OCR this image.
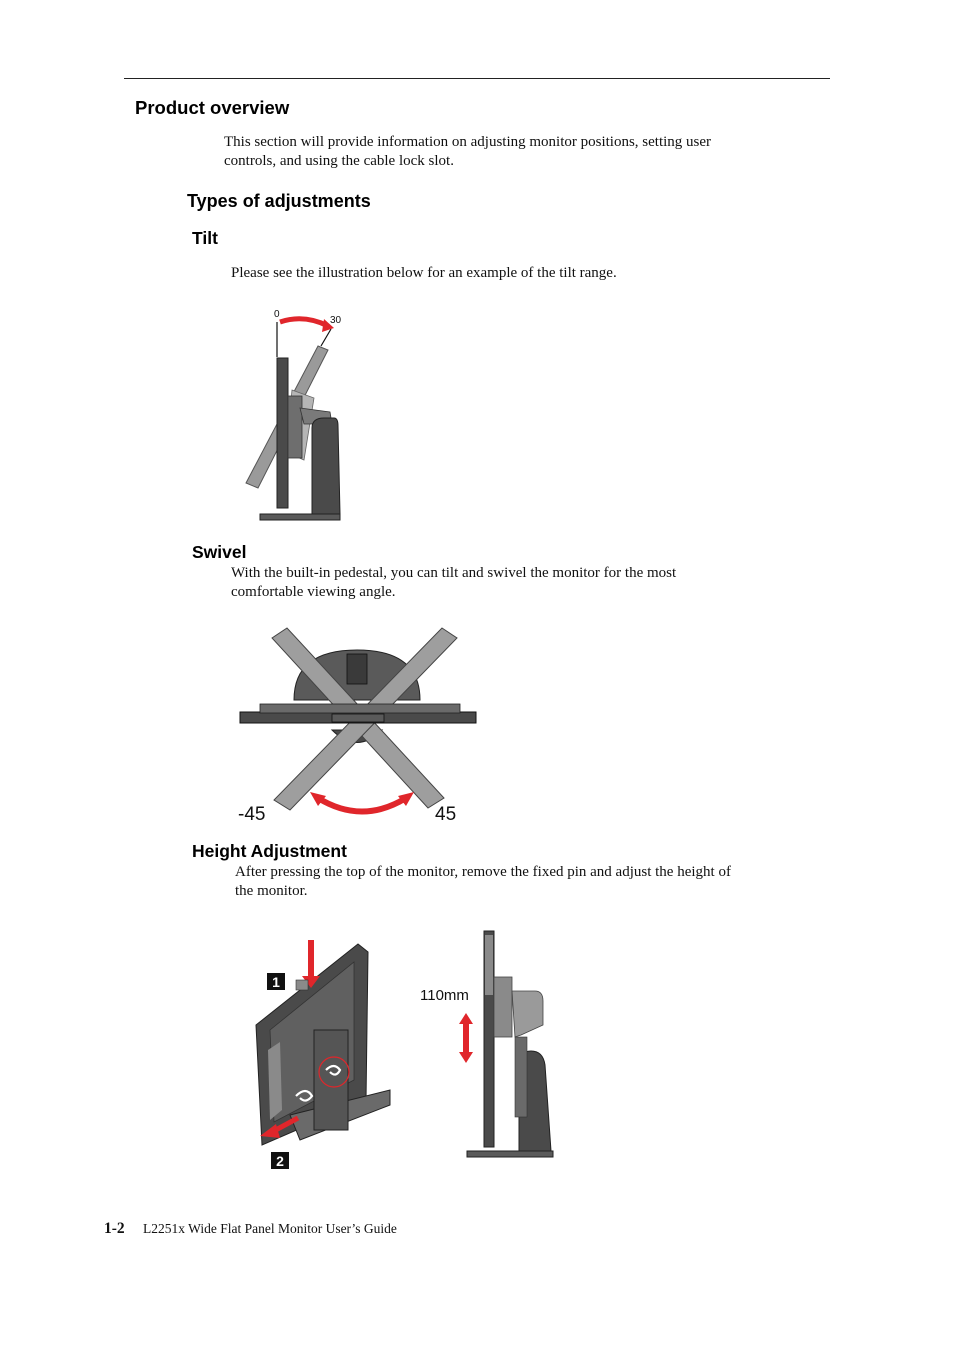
Product overview
This section will provide information on adjusting monitor positions, setting user
controls, and using the cable lock slot.
Types of adjustments
Tilt
Please see the illustration below for an example of the tilt range.
0
30
Swivel
With the built-in pedestal, you can tilt and swivel the monitor for the most
comfortable viewing angle.
-45	45
Height Adjustment
After pressing the top of the monitor, remove the fixed pin and adjust the height of
the monitor.
1
2
110mm
1-2 L2251x Wide Flat Panel Monitor User’s Guide
